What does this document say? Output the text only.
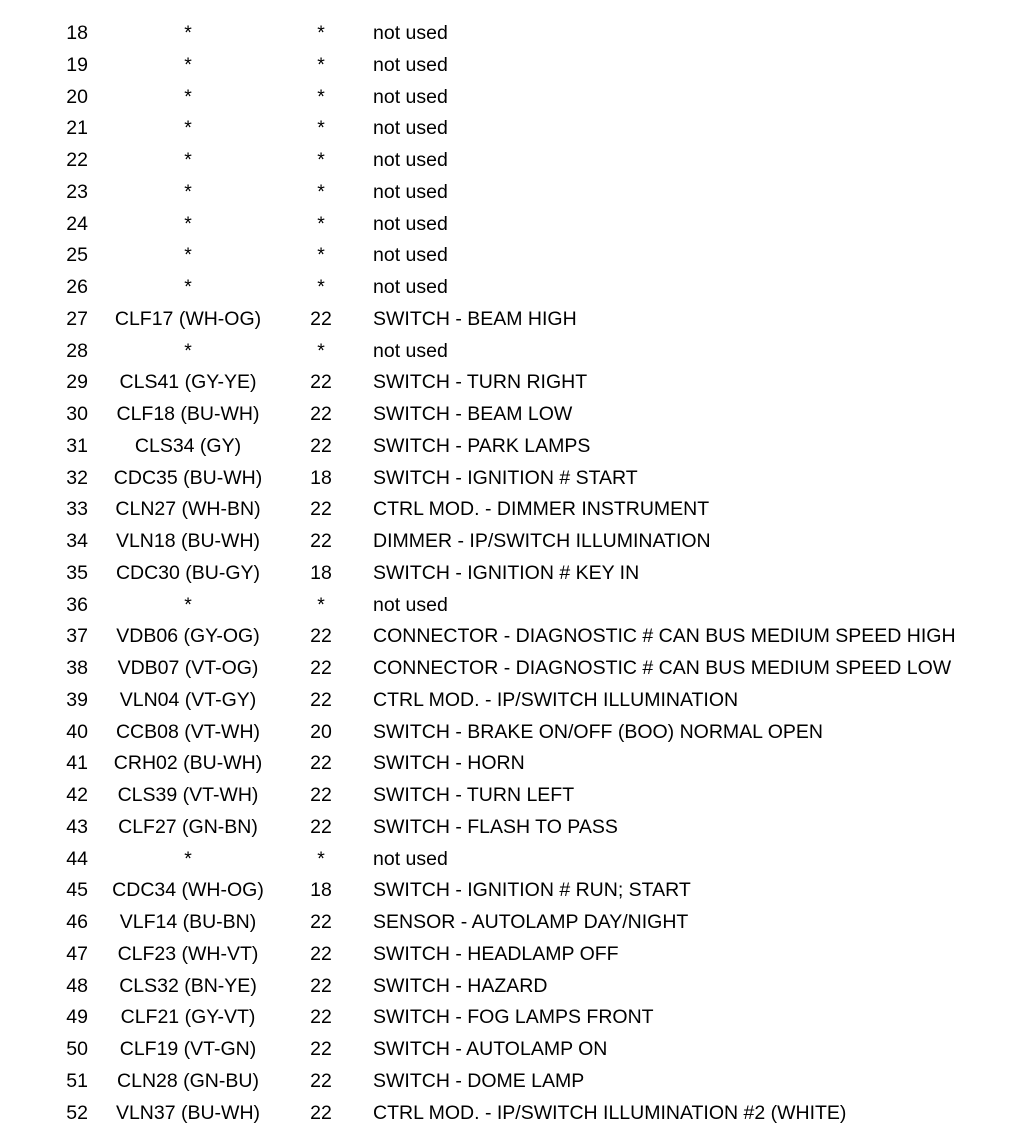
18	*	*	not used
19	*	*	not used
20	*	*	not used
21	*	*	not used
22	*	*	not used
23	*	*	not used
24	*	*	not used
25	*	*	not used
26	*	*	not used
27	CLF17 (WH-OG)	22	SWITCH - BEAM HIGH
28	*	*	not used
29	CLS41 (GY-YE)	22	SWITCH - TURN RIGHT
30	CLF18 (BU-WH)	22	SWITCH - BEAM LOW
31	CLS34 (GY)	22	SWITCH - PARK LAMPS
32	CDC35 (BU-WH)	18	SWITCH - IGNITION # START
33	CLN27 (WH-BN)	22	CTRL MOD. - DIMMER INSTRUMENT
34	VLN18 (BU-WH)	22	DIMMER - IP/SWITCH ILLUMINATION
35	CDC30 (BU-GY)	18	SWITCH - IGNITION # KEY IN
36	*	*	not used
37	VDB06 (GY-OG)	22	CONNECTOR - DIAGNOSTIC # CAN BUS MEDIUM SPEED HIGH
38	VDB07 (VT-OG)	22	CONNECTOR - DIAGNOSTIC # CAN BUS MEDIUM SPEED LOW
39	VLN04 (VT-GY)	22	CTRL MOD. - IP/SWITCH ILLUMINATION
40	CCB08 (VT-WH)	20	SWITCH - BRAKE ON/OFF (BOO) NORMAL OPEN
41	CRH02 (BU-WH)	22	SWITCH - HORN
42	CLS39 (VT-WH)	22	SWITCH - TURN LEFT
43	CLF27 (GN-BN)	22	SWITCH - FLASH TO PASS
44	*	*	not used
45	CDC34 (WH-OG)	18	SWITCH - IGNITION # RUN; START
46	VLF14 (BU-BN)	22	SENSOR - AUTOLAMP DAY/NIGHT
47	CLF23 (WH-VT)	22	SWITCH - HEADLAMP OFF
48	CLS32 (BN-YE)	22	SWITCH - HAZARD
49	CLF21 (GY-VT)	22	SWITCH - FOG LAMPS FRONT
50	CLF19 (VT-GN)	22	SWITCH - AUTOLAMP ON
51	CLN28 (GN-BU)	22	SWITCH - DOME LAMP
52	VLN37 (BU-WH)	22	CTRL MOD. - IP/SWITCH ILLUMINATION #2 (WHITE)
